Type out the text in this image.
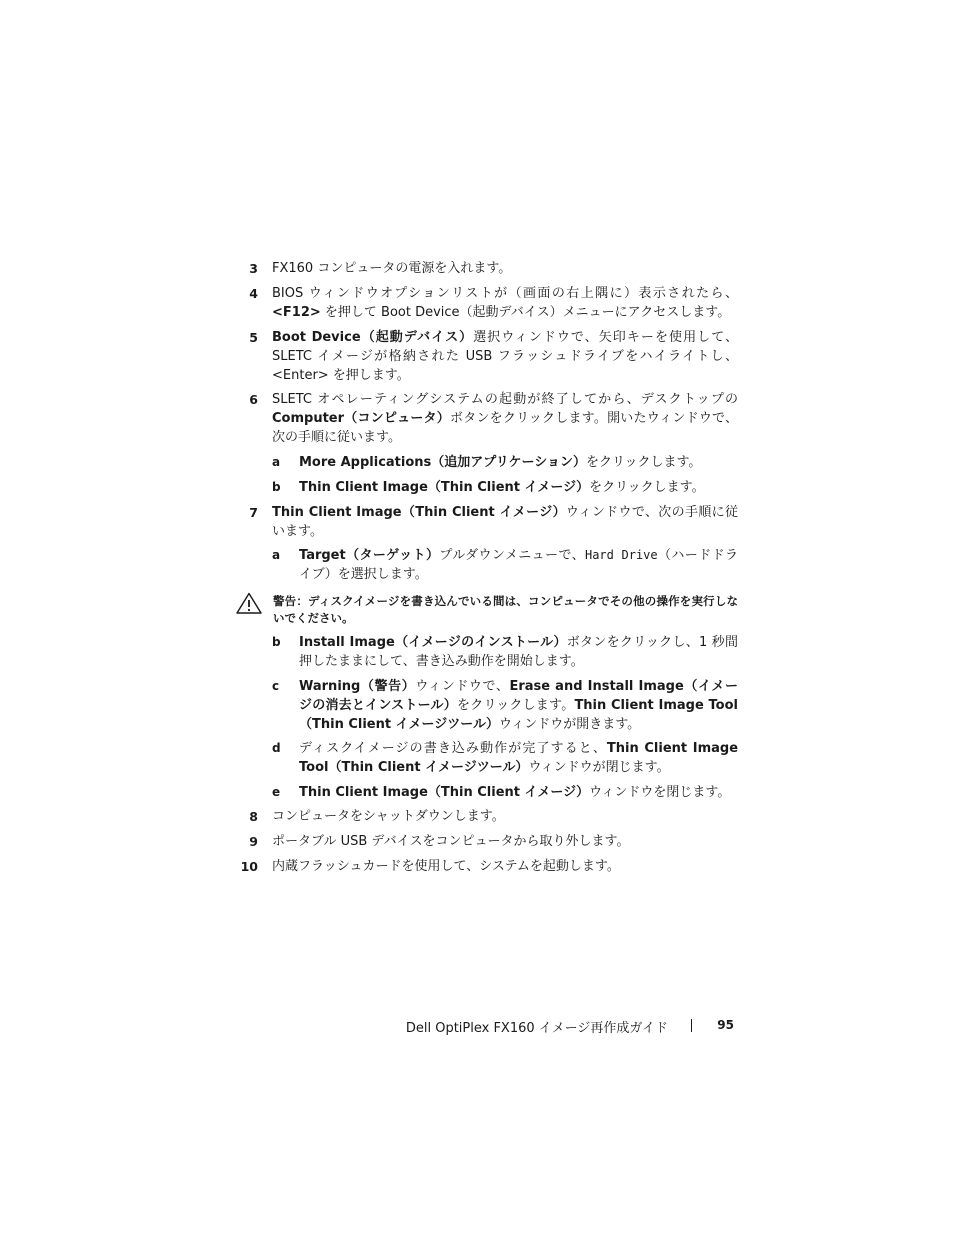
3 FX160 コンピュータの電源を入れます。
4 BIOS ウィンドウオプションリストが（画面の右上隅に）表示されたら、<F12> を押して Boot Device（起動デバイス）メニューにアクセスします。
5 Boot Device（起動デバイス）選択ウィンドウで、矢印キーを使用して、SLETC イメージが格納された USB フラッシュドライブをハイライトし、<Enter> を押します。
6 SLETC オペレーティングシステムの起動が終了してから、デスクトップの Computer（コンピュータ）ボタンをクリックします。開いたウィンドウで、次の手順に従います。
a More Applications（追加アプリケーション）をクリックします。
b Thin Client Image（Thin Client イメージ）をクリックします。
7 Thin Client Image（Thin Client イメージ）ウィンドウで、次の手順に従います。
a Target（ターゲット）プルダウンメニューで、Hard Drive（ハードドライブ）を選択します。
警告：ディスクイメージを書き込んでいる間は、コンピュータでその他の操作を実行しないでください。
b Install Image（イメージのインストール）ボタンをクリックし、1 秒間押したままにして、書き込み動作を開始します。
c Warning（警告）ウィンドウで、Erase and Install Image（イメージの消去とインストール）をクリックします。Thin Client Image Tool（Thin Client イメージツール）ウィンドウが開きます。
d ディスクイメージの書き込み動作が完了すると、Thin Client Image Tool（Thin Client イメージツール）ウィンドウが閉じます。
e Thin Client Image（Thin Client イメージ）ウィンドウを閉じます。
8 コンピュータをシャットダウンします。
9 ポータブル USB デバイスをコンピュータから取り外します。
10 内蔵フラッシュカードを使用して、システムを起動します。
Dell OptiPlex FX160 イメージ再作成ガイド	95
